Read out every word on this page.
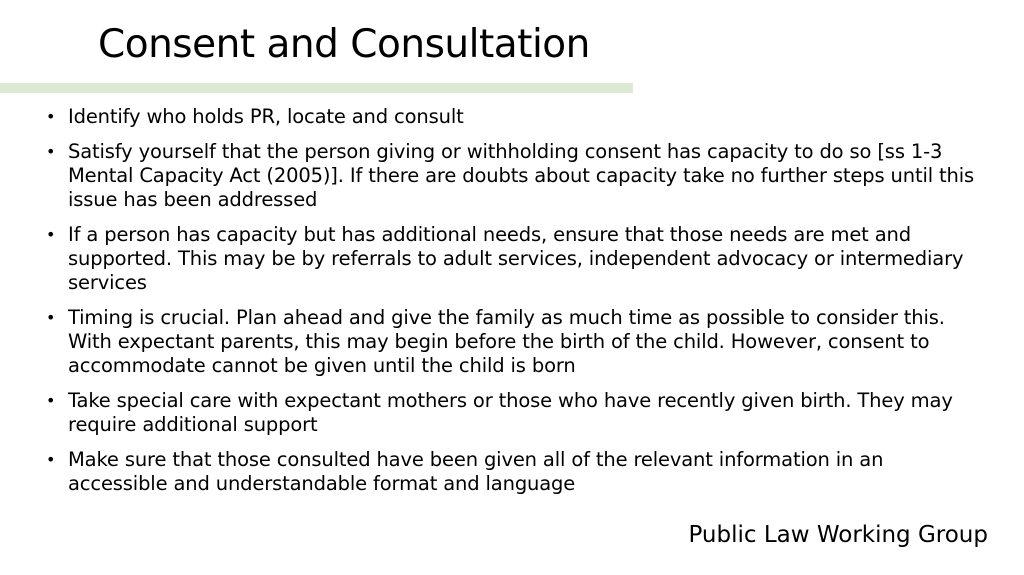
Consent and Consultation
• Identify who holds PR, locate and consult
• Satisfy yourself that the person giving or withholding consent has capacity to do so [ss 1-3 Mental Capacity Act (2005)]. If there are doubts about capacity take no further steps until this issue has been addressed
• If a person has capacity but has additional needs, ensure that those needs are met and supported. This may be by referrals to adult services, independent advocacy or intermediary services
• Timing is crucial. Plan ahead and give the family as much time as possible to consider this. With expectant parents, this may begin before the birth of the child. However, consent to accommodate cannot be given until the child is born
• Take special care with expectant mothers or those who have recently given birth. They may require additional support
• Make sure that those consulted have been given all of the relevant information in an accessible and understandable format and language
Public Law Working Group
